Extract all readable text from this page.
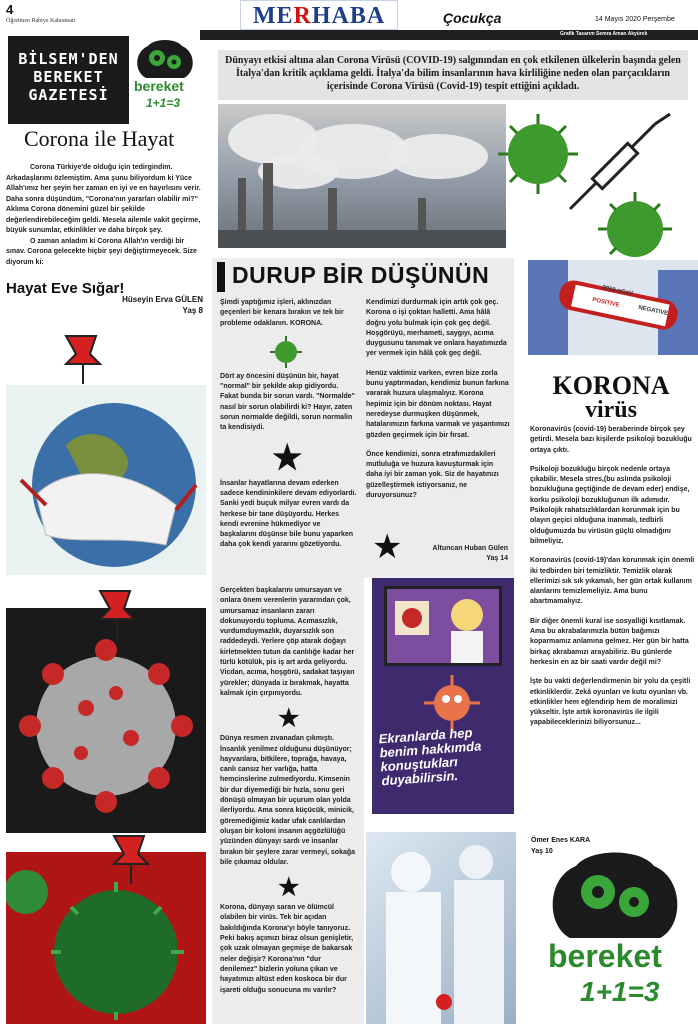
4
Öğretmen Rabiye Kahraman	MERHABA	Çocukça	14 Mayıs 2020 Perşembe
Grafik Tasarım Semra Aman Akyürek
BİLSEM'DEN
BEREKET
GAZETESİ	bereket
1+1=3
Dünyayı etkisi altına alan Corona Virüsü (COVID-19) salgınından en çok etkilenen ülkelerin başında gelen İtalya'dan kritik açıklama geldi. İtalya'da bilim insanlarının hava kirliliğine neden olan parçacıkların içerisinde Corona Virüsü (Covid-19) tespit ettiğini açıkladı.
Corona ile Hayat

Corona Türkiye'de olduğu için tedirgindim. Arkadaşlarımı özlemiştim. Ama şunu biliyordum ki Yüce Allah'ımız her şeyin her zaman en iyi ve en hayırlısını verir. Daha sonra düşündüm, "Corona'nın yararları olabilir mi?" Aklıma Corona dönemini güzel bir şekilde değerlendirebileceğim geldi. Mesela ailemle vakit geçirme, büyük sunumlar, etkinlikler ve daha birçok şey.

O zaman anladım ki Corona Allah'ın verdiği bir sınav. Corona gelecekte hiçbir şeyi değiştirmeyecek. Size diyorum ki:

Hayat Eve Sığar!
Hüseyin Erva GÜLEN
Yaş 8
DURUP BİR DÜŞÜNÜN

Şimdi yaptığımız işleri, aklınızdan geçenleri bir kenara bırakın ve tek bir probleme odaklanın. KORONA.

Dört ay öncesini düşünün bir, hayat "normal" bir şekilde akıp gidiyordu. Fakat bunda bir sorun vardı. "Normalde" nasıl bir sorun olabilirdi ki? Hayır, zaten sorun normalde değildi, sorun normalin ta kendisiydi.

★

İnsanlar hayatlarına devam ederken sadece kendininkilere devam ediyorlardı. Sanki yedi buçuk milyar evren vardı da herkese bir tane düşüyordu. Herkes kendi evrenine hükmediyor ve başkalarını düşünse bile bunu yaparken daha çok kendi yararını gözetiyordu.

Kendimizi durdurmak için artık çok geç. Korona o işi çoktan halletti. Ama hâlâ doğru yolu bulmak için çok geç değil. Hoşgörüyü, merhameti, saygıyı, acıma duygusunu tanımak ve onlara hayatımızda yer vermek için hâlâ çok geç değil.

Henüz vaktimiz varken, evren bize zorla bunu yaptırmadan, kendimiz bunun farkına vararak huzura ulaşmalıyız. Korona hepimiz için bir dönüm noktası. Hayat neredeyse durmuşken düşünmek, hatalarımızın farkına varmak ve yaşantımızı gözden geçirmek için bir fırsat.

Önce kendimizi, sonra etrafımızdakileri mutluluğa ve huzura kavuşturmak için daha iyi bir zaman yok. Siz de hayatınızı güzelleştirmek istiyorsanız, ne duruyorsunuz?

★	Altuncan Huban Gülen
Yaş 14

Gerçekten başkalarını umursayan ve onlara önem verenlerin yararından çok, umursamaz insanların zararı dokunuyordu topluma. Acımasızlık, vurdumduymazlık, duyarsızlık son raddedeydi. Yerlere çöp atarak doğayı kirletmekten tutun da canlılığe kadar her türlü kötülük, pis iş art arda geliyordu. Vicdan, acıma, hoşgörü, sadakat taşıyan yürekler; dünyada iz bırakmak, hayatta kalmak için çırpınıyordu.

★

Dünya resmen zıvanadan çıkmıştı. İnsanlık yenilmez olduğunu düşünüyor; hayvanlara, bitkilere, toprağa, havaya, canlı cansız her varlığa, hatta hemcinslerine zulmediyordu. Kimsenin bir dur diyemediği bir hızla, sonu geri dönüşü olmayan bir uçurum olan yolda ilerliyordu. Ama sonra küçücük, minicik, göremediğimiz kadar ufak canlılardan oluşan bir koloni insanın açgözlülüğü yüzünden dünyayı sardı ve insanlar bırakın bir şeylere zarar vermeyi, sokağa bile çıkamaz oldular.

★

Korona, dünyayı saran ve ölümcül olabilen bir virüs. Tek bir açıdan bakıldığında Korona'yı böyle tanıyoruz. Peki bakış açımızı biraz olsun genişletir, çok uzak olmayan geçmişe de bakarsak neler değişir? Korona'nın "dur denilemez" bizlerin yoluna çıkan ve hayatımızı altüst eden koskoca bir dur işareti olduğu sonucuna mı varılır?

Ekranlarda hep benim hakkımda konuştukları duyabilirsin.
2019-nCoV
POSITIVE
NEGATIVE
KORONA
virüs

Koronavirüs (covid-19) beraberinde birçok şey getirdi. Mesela bazı kişilerde psikoloji bozukluğu ortaya çıktı.

Psikoloji bozukluğu birçok nedenle ortaya çıkabilir. Mesela stres,(bu aslında psikoloji bozukluğuna geçtiğinde de devam eder) endişe, korku psikoloji bozukluğunun ilk adımıdır. Psikolojik rahatsızlıklardan korunmak için bu olayın geçici olduğuna inanmalı, tedbirli olduğumuzda bu virüsün güçlü olmadığını bilmeliyiz.

Koronavirüs (covid-19)'dan korunmak için önemli iki tedbirden biri temizliktir. Temizlik olarak ellerimizi sık sık yıkamalı, her gün ortak kullanım alanlarını temizlemeliyiz. Ama bunu abartmamalıyız.

Bir diğer önemli kural ise sosyalliği kısıtlamak. Ama bu akrabalarımızla bütün bağımızı koparmamız anlamına gelmez. Her gün bir hatta birkaç akrabamızı arayabiliriz. Bu günlerde herkesin en az bir saati vardır değil mi?

İşte bu vakti değerlendirmenin bir yolu da çeşitli etkinliklerdir. Zekâ oyunları ve kutu oyunları vb. etkinlikler hem eğlendirip hem de moralimizi yükseltir. İşte artık koronavirüs ile ilgili yapabileceklerinizi biliyorsunuz...

Ömer Enes KARA
Yaş 10
bereket
1+1=3
